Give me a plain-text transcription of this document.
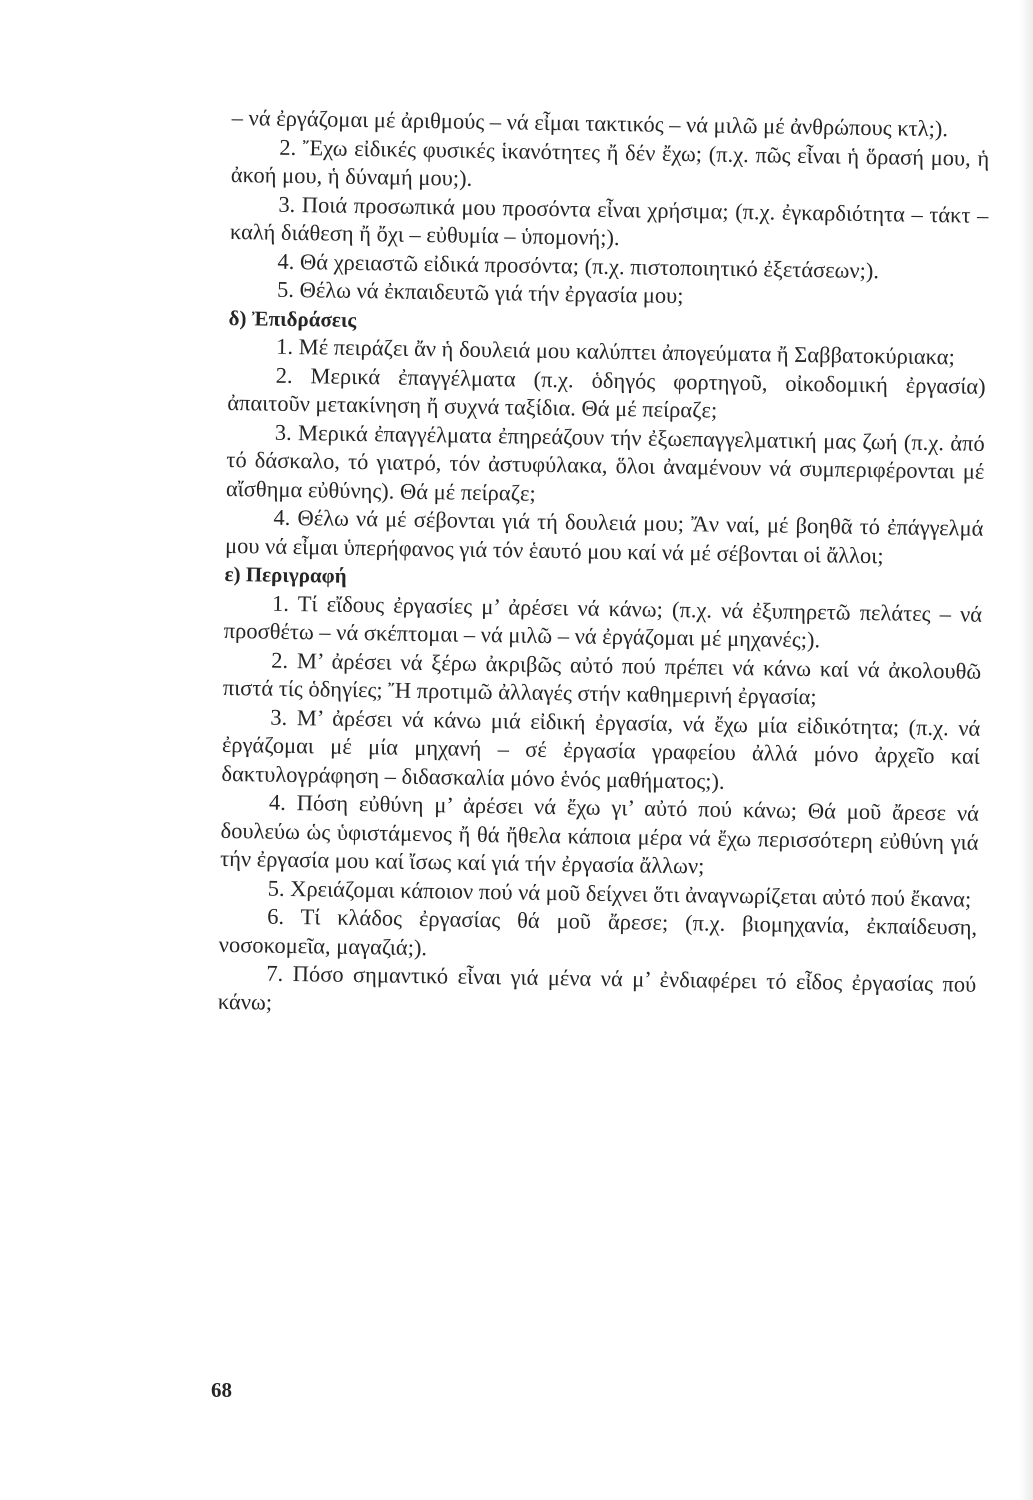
– νά ἐργάζομαι μέ ἀριθμούς – νά εἶμαι τακτικός – νά μιλῶ μέ ἀνθρώπους κτλ;).

2. Ἔχω εἰδικές φυσικές ἱκανότητες ἤ δέν ἔχω; (π.χ. πῶς εἶναι ἡ ὅρασή μου, ἡ ἀκοή μου, ἡ δύναμή μου;).

3. Ποιά προσωπικά μου προσόντα εἶναι χρήσιμα; (π.χ. ἐγκαρδιότητα – τάκτ – καλή διάθεση ἤ ὄχι – εὐθυμία – ὑπομονή;).

4. Θά χρειαστῶ εἰδικά προσόντα; (π.χ. πιστοποιητικό ἐξετάσεων;).

5. Θέλω νά ἐκπαιδευτῶ γιά τήν ἐργασία μου;

δ) Ἐπιδράσεις

1. Μέ πειράζει ἄν ἡ δουλειά μου καλύπτει ἀπογεύματα ἤ Σαββατοκύριακα;

2. Μερικά ἐπαγγέλματα (π.χ. ὁδηγός φορτηγοῦ, οἰκοδομική ἐργασία) ἀπαιτοῦν μετακίνηση ἤ συχνά ταξίδια. Θά μέ πείραζε;

3. Μερικά ἐπαγγέλματα ἐπηρεάζουν τήν ἐξωεπαγγελματική μας ζωή (π.χ. ἀπό τό δάσκαλο, τό γιατρό, τόν ἀστυφύλακα, ὅλοι ἀναμένουν νά συμπεριφέρονται μέ αἴσθημα εὐθύνης). Θά μέ πείραζε;

4. Θέλω νά μέ σέβονται γιά τή δουλειά μου; Ἄν ναί, μέ βοηθᾶ τό ἐπάγγελμά μου νά εἶμαι ὑπερήφανος γιά τόν ἑαυτό μου καί νά μέ σέβονται οἱ ἄλλοι;

ε) Περιγραφή

1. Τί εἴδους ἐργασίες μ’ ἀρέσει νά κάνω; (π.χ. νά ἐξυπηρετῶ πελάτες – νά προσθέτω – νά σκέπτομαι – νά μιλῶ – νά ἐργάζομαι μέ μηχανές;).

2. Μ’ ἀρέσει νά ξέρω ἀκριβῶς αὐτό πού πρέπει νά κάνω καί νά ἀκολουθῶ πιστά τίς ὁδηγίες; Ἤ προτιμῶ ἀλλαγές στήν καθημερινή ἐργασία;

3. Μ’ ἀρέσει νά κάνω μιά εἰδική ἐργασία, νά ἔχω μία εἰδικότητα; (π.χ. νά ἐργάζομαι μέ μία μηχανή – σέ ἐργασία γραφείου ἀλλά μόνο ἀρχεῖο καί δακτυλογράφηση – διδασκαλία μόνο ἑνός μαθήματος;).

4. Πόση εὐθύνη μ’ ἀρέσει νά ἔχω γι’ αὐτό πού κάνω; Θά μοῦ ἄρεσε νά δουλεύω ὡς ὑφιστάμενος ἤ θά ἤθελα κάποια μέρα νά ἔχω περισσότερη εὐθύνη γιά τήν ἐργασία μου καί ἴσως καί γιά τήν ἐργασία ἄλλων;

5. Χρειάζομαι κάποιον πού νά μοῦ δείχνει ὅτι ἀναγνωρίζεται αὐτό πού ἔκανα;

6. Τί κλάδος ἐργασίας θά μοῦ ἄρεσε; (π.χ. βιομηχανία, ἐκπαίδευση, νοσοκομεῖα, μαγαζιά;).

7. Πόσο σημαντικό εἶναι γιά μένα νά μ’ ἐνδιαφέρει τό εἶδος ἐργασίας πού κάνω;

68
